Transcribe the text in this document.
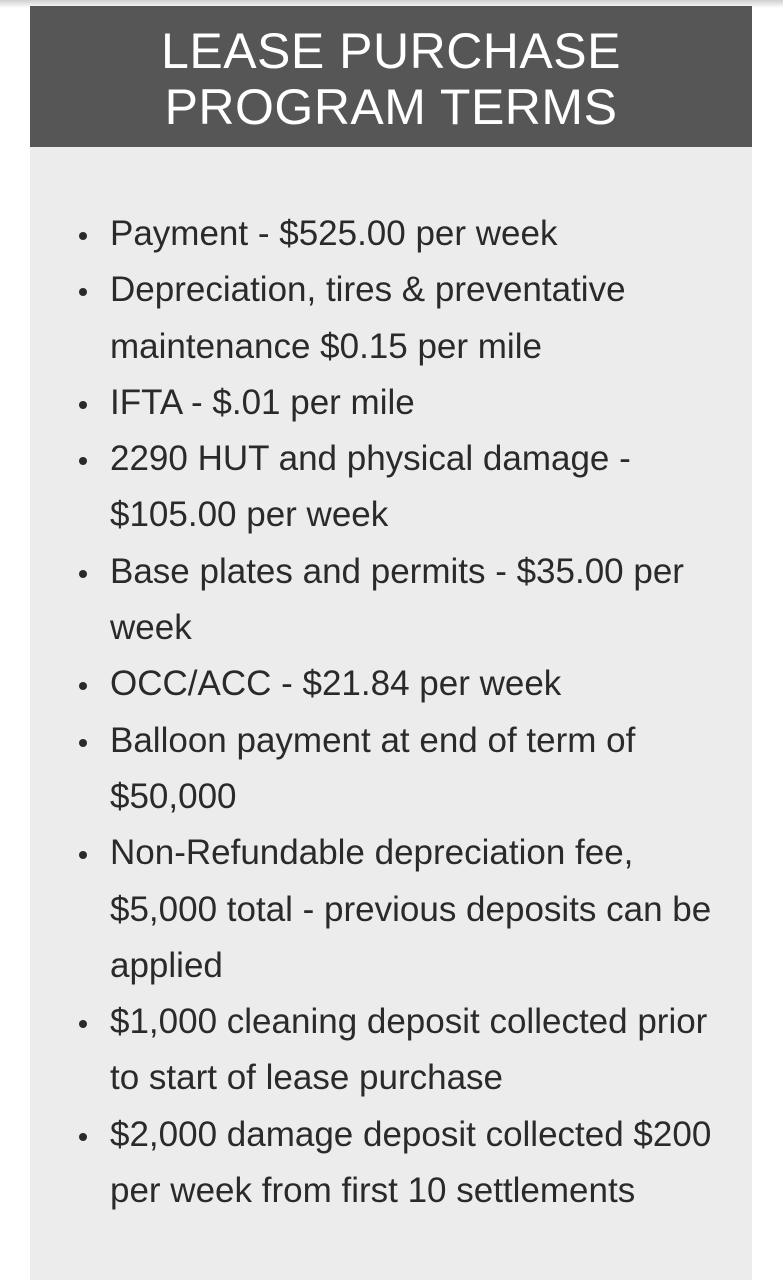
LEASE PURCHASE
PROGRAM TERMS
Payment - $525.00 per week
Depreciation, tires & preventative maintenance $0.15 per mile
IFTA - $.01 per mile
2290 HUT and physical damage - $105.00 per week
Base plates and permits - $35.00 per week
OCC/ACC - $21.84 per week
Balloon payment at end of term of $50,000
Non-Refundable depreciation fee, $5,000 total - previous deposits can be applied
$1,000 cleaning deposit collected prior to start of lease purchase
$2,000 damage deposit collected $200 per week from first 10 settlements
